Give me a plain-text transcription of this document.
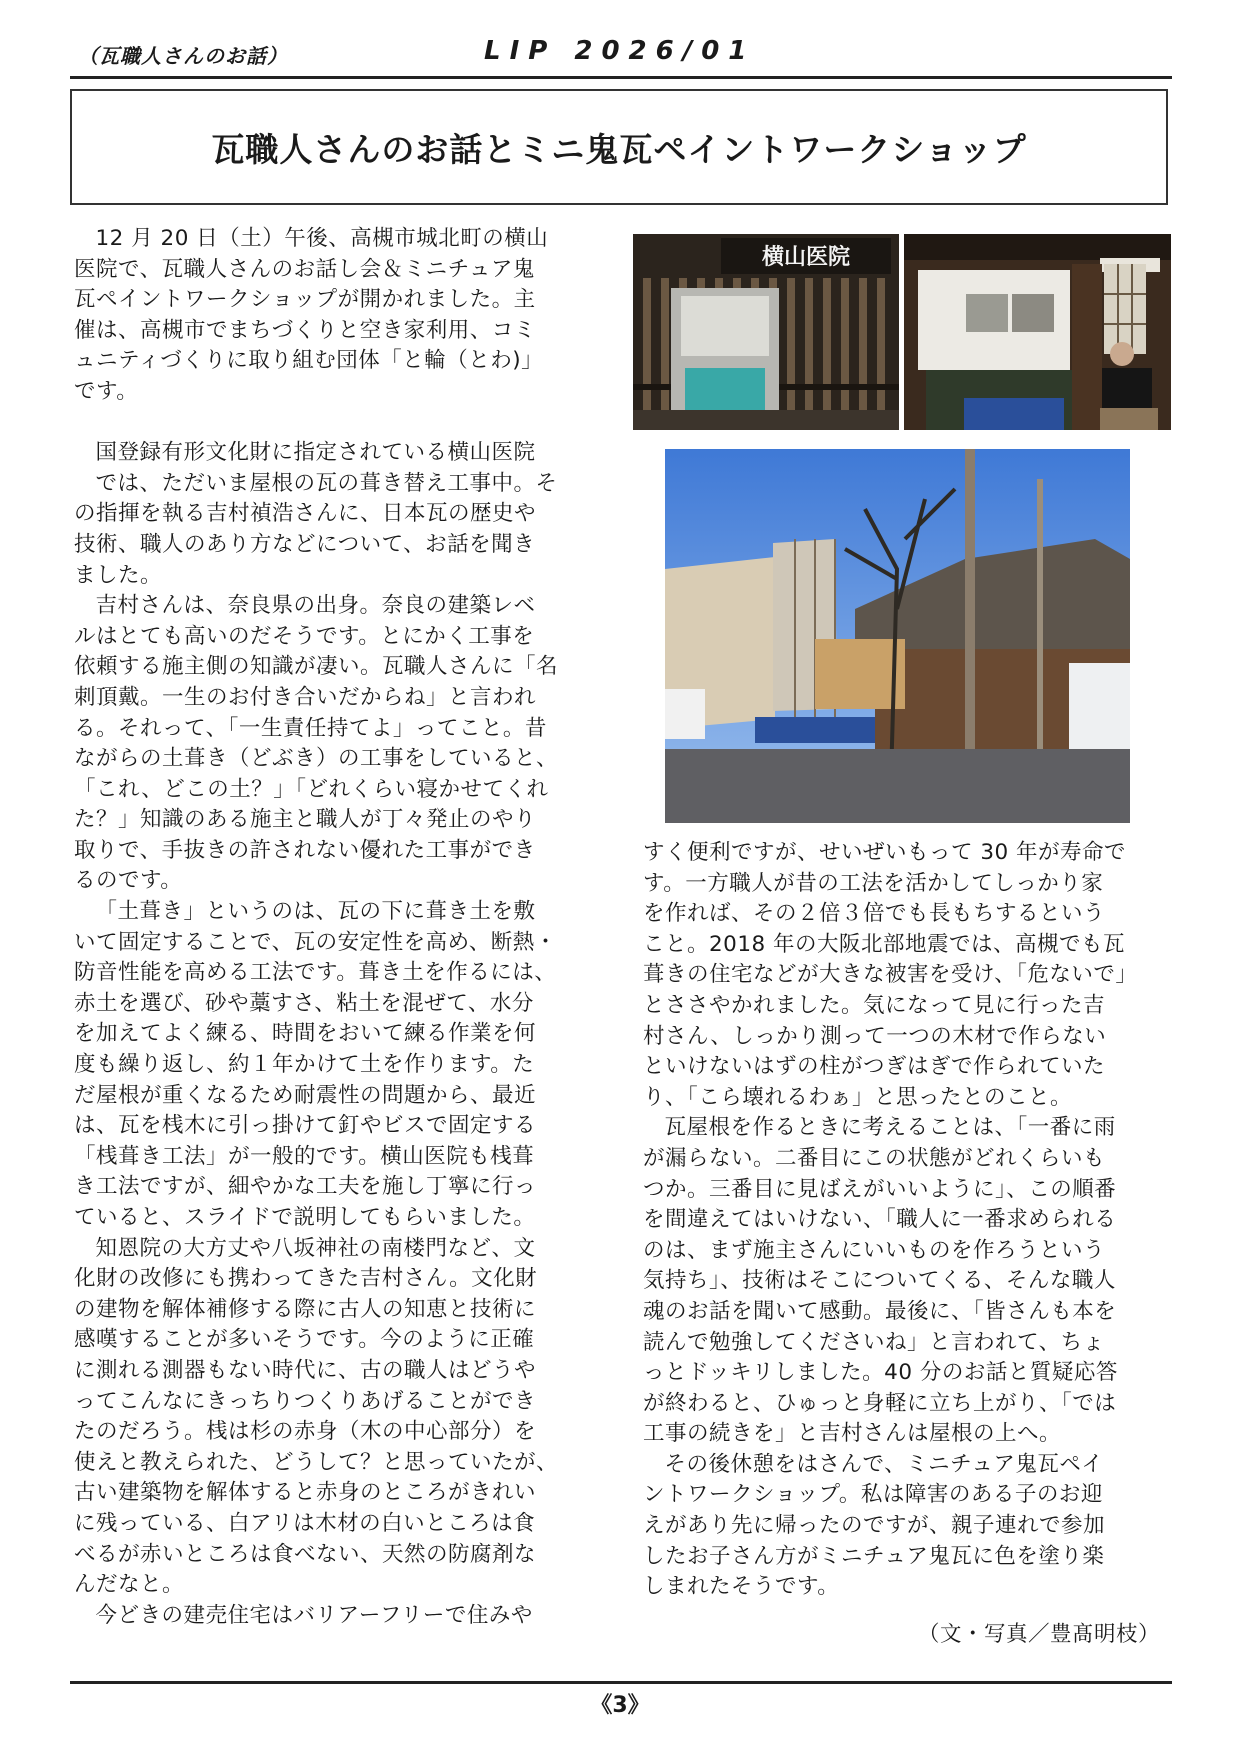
（瓦職人さんのお話）	LIP 2026/01
瓦職人さんのお話とミニ鬼瓦ペイントワークショップ

12 月 20 日（土）午後、高槻市城北町の横山

医院で、瓦職人さんのお話し会＆ミニチュア鬼

瓦ペイントワークショップが開かれました。主

催は、高槻市でまちづくりと空き家利用、コミ

ュニティづくりに取り組む団体「と輪（とわ)」

です。

国登録有形文化財に指定されている横山医院

では、ただいま屋根の瓦の葺き替え工事中。そ

の指揮を執る吉村禎浩さんに、日本瓦の歴史や

技術、職人のあり方などについて、お話を聞き

ました。

吉村さんは、奈良県の出身。奈良の建築レベ

ルはとても高いのだそうです。とにかく工事を

依頼する施主側の知識が凄い。瓦職人さんに「名

刺頂戴。一生のお付き合いだからね」と言われ

る。それって、「一生責任持てよ」ってこと。昔

ながらの土葺き（どぶき）の工事をしていると、

「これ、どこの土？」「どれくらい寝かせてくれ

た？」知識のある施主と職人が丁々発止のやり

取りで、手抜きの許されない優れた工事ができ

るのです。

「土葺き」というのは、瓦の下に葺き土を敷

いて固定することで、瓦の安定性を高め、断熱・

防音性能を高める工法です。葺き土を作るには、

赤土を選び、砂や藁すさ、粘土を混ぜて、水分

を加えてよく練る、時間をおいて練る作業を何

度も繰り返し、約１年かけて土を作ります。た

だ屋根が重くなるため耐震性の問題から、最近

は、瓦を桟木に引っ掛けて釘やビスで固定する

「桟葺き工法」が一般的です。横山医院も桟葺

き工法ですが、細やかな工夫を施し丁寧に行っ

ていると、スライドで説明してもらいました。

知恩院の大方丈や八坂神社の南楼門など、文

化財の改修にも携わってきた吉村さん。文化財

の建物を解体補修する際に古人の知恵と技術に

感嘆することが多いそうです。今のように正確

に測れる測器もない時代に、古の職人はどうや

ってこんなにきっちりつくりあげることができ

たのだろう。桟は杉の赤身（木の中心部分）を

使えと教えられた、どうして？と思っていたが、

古い建築物を解体すると赤身のところがきれい

に残っている、白アリは木材の白いところは食

べるが赤いところは食べない、天然の防腐剤な

んだなと。

今どきの建売住宅はバリアーフリーで住みや

すく便利ですが、せいぜいもって 30 年が寿命で

す。一方職人が昔の工法を活かしてしっかり家

を作れば、その２倍３倍でも長もちするという

こと。2018 年の大阪北部地震では、高槻でも瓦

葺きの住宅などが大きな被害を受け、「危ないで」

とささやかれました。気になって見に行った吉

村さん、しっかり測って一つの木材で作らない

といけないはずの柱がつぎはぎで作られていた

り、「こら壊れるわぁ」と思ったとのこと。

瓦屋根を作るときに考えることは、「一番に雨

が漏らない。二番目にこの状態がどれくらいも

つか。三番目に見ばえがいいように」、この順番

を間違えてはいけない、「職人に一番求められる

のは、まず施主さんにいいものを作ろうという

気持ち」、技術はそこについてくる、そんな職人

魂のお話を聞いて感動。最後に、「皆さんも本を

読んで勉強してくださいね」と言われて、ちょ

っとドッキリしました。40 分のお話と質疑応答

が終わると、ひゅっと身軽に立ち上がり、「では

工事の続きを」と吉村さんは屋根の上へ。

その後休憩をはさんで、ミニチュア鬼瓦ペイ

ントワークショップ。私は障害のある子のお迎

えがあり先に帰ったのですが、親子連れで参加

したお子さん方がミニチュア鬼瓦に色を塗り楽

しまれたそうです。

（文・写真／豊髙明枝）
横山医院
《3》
